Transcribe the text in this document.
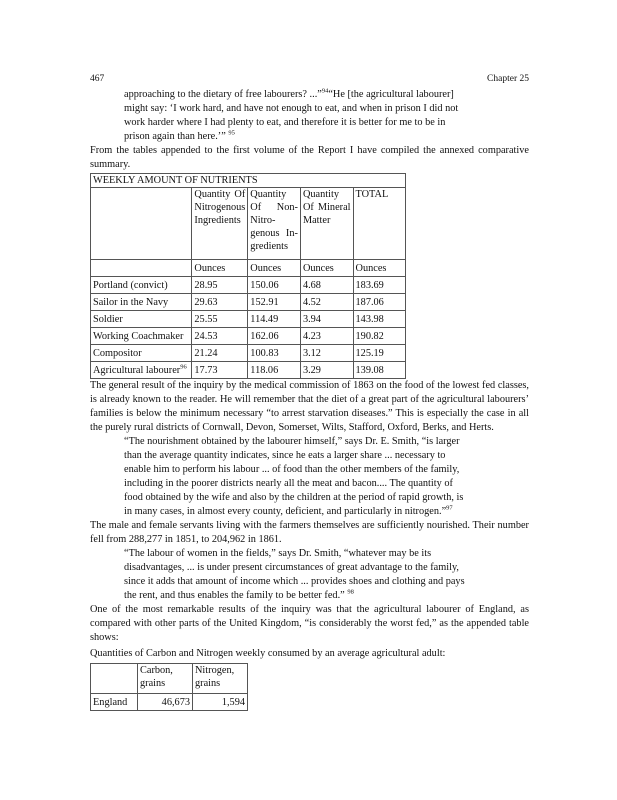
467	Chapter 25
approaching to the dietary of free labourers? ...”$^{94}$“He [the agricultural labourer]
might say: ‘I work hard, and have not enough to eat, and when in prison I did not
work harder where I had plenty to eat, and therefore it is better for me to be in
prison again than here.’” $^{95}$

From the tables appended to the first volume of the Report I have compiled the annexed comparative summary.

WEEKLY AMOUNT OF NUTRIENTS				
	Quantity Of Nitrogenous Ingredients	Quantity Of Non-Nitro- genous In- gredients	Quantity Of Mineral Matter	TOTAL
	Ounces	Ounces	Ounces	Ounces
Portland (convict)	28.95	150.06	4.68	183.69
Sailor in the Navy	29.63	152.91	4.52	187.06
Soldier	25.55	114.49	3.94	143.98
Working Coachmaker	24.53	162.06	4.23	190.82
Compositor	21.24	100.83	3.12	125.19
Agricultural labourer$^{96}$	17.73	118.06	3.29	139.08

The general result of the inquiry by the medical commission of 1863 on the food of the lowest fed classes, is already known to the reader. He will remember that the diet of a great part of the agricultural labourers’ families is below the minimum necessary “to arrest starvation diseases.” This is especially the case in all the purely rural districts of Cornwall, Devon, Somerset, Wilts, Stafford, Oxford, Berks, and Herts.

“The nourishment obtained by the labourer himself,” says Dr. E. Smith, “is larger
than the average quantity indicates, since he eats a larger share ... necessary to
enable him to perform his labour ... of food than the other members of the family,
including in the poorer districts nearly all the meat and bacon.... The quantity of
food obtained by the wife and also by the children at the period of rapid growth, is
in many cases, in almost every county, deficient, and particularly in nitrogen.”$^{97}$

The male and female servants living with the farmers themselves are sufficiently nourished. Their number fell from 288,277 in 1851, to 204,962 in 1861.

“The labour of women in the fields,” says Dr. Smith, “whatever may be its
disadvantages, ... is under present circumstances of great advantage to the family,
since it adds that amount of income which ... provides shoes and clothing and pays
the rent, and thus enables the family to be better fed.” $^{98}$

One of the most remarkable results of the inquiry was that the agricultural labourer of England, as compared with other parts of the United Kingdom, “is considerably the worst fed,” as the appended table shows:

Quantities of Carbon and Nitrogen weekly consumed by an average agricultural adult:

	Carbon, grains	Nitrogen, grains
England	46,673	1,594
